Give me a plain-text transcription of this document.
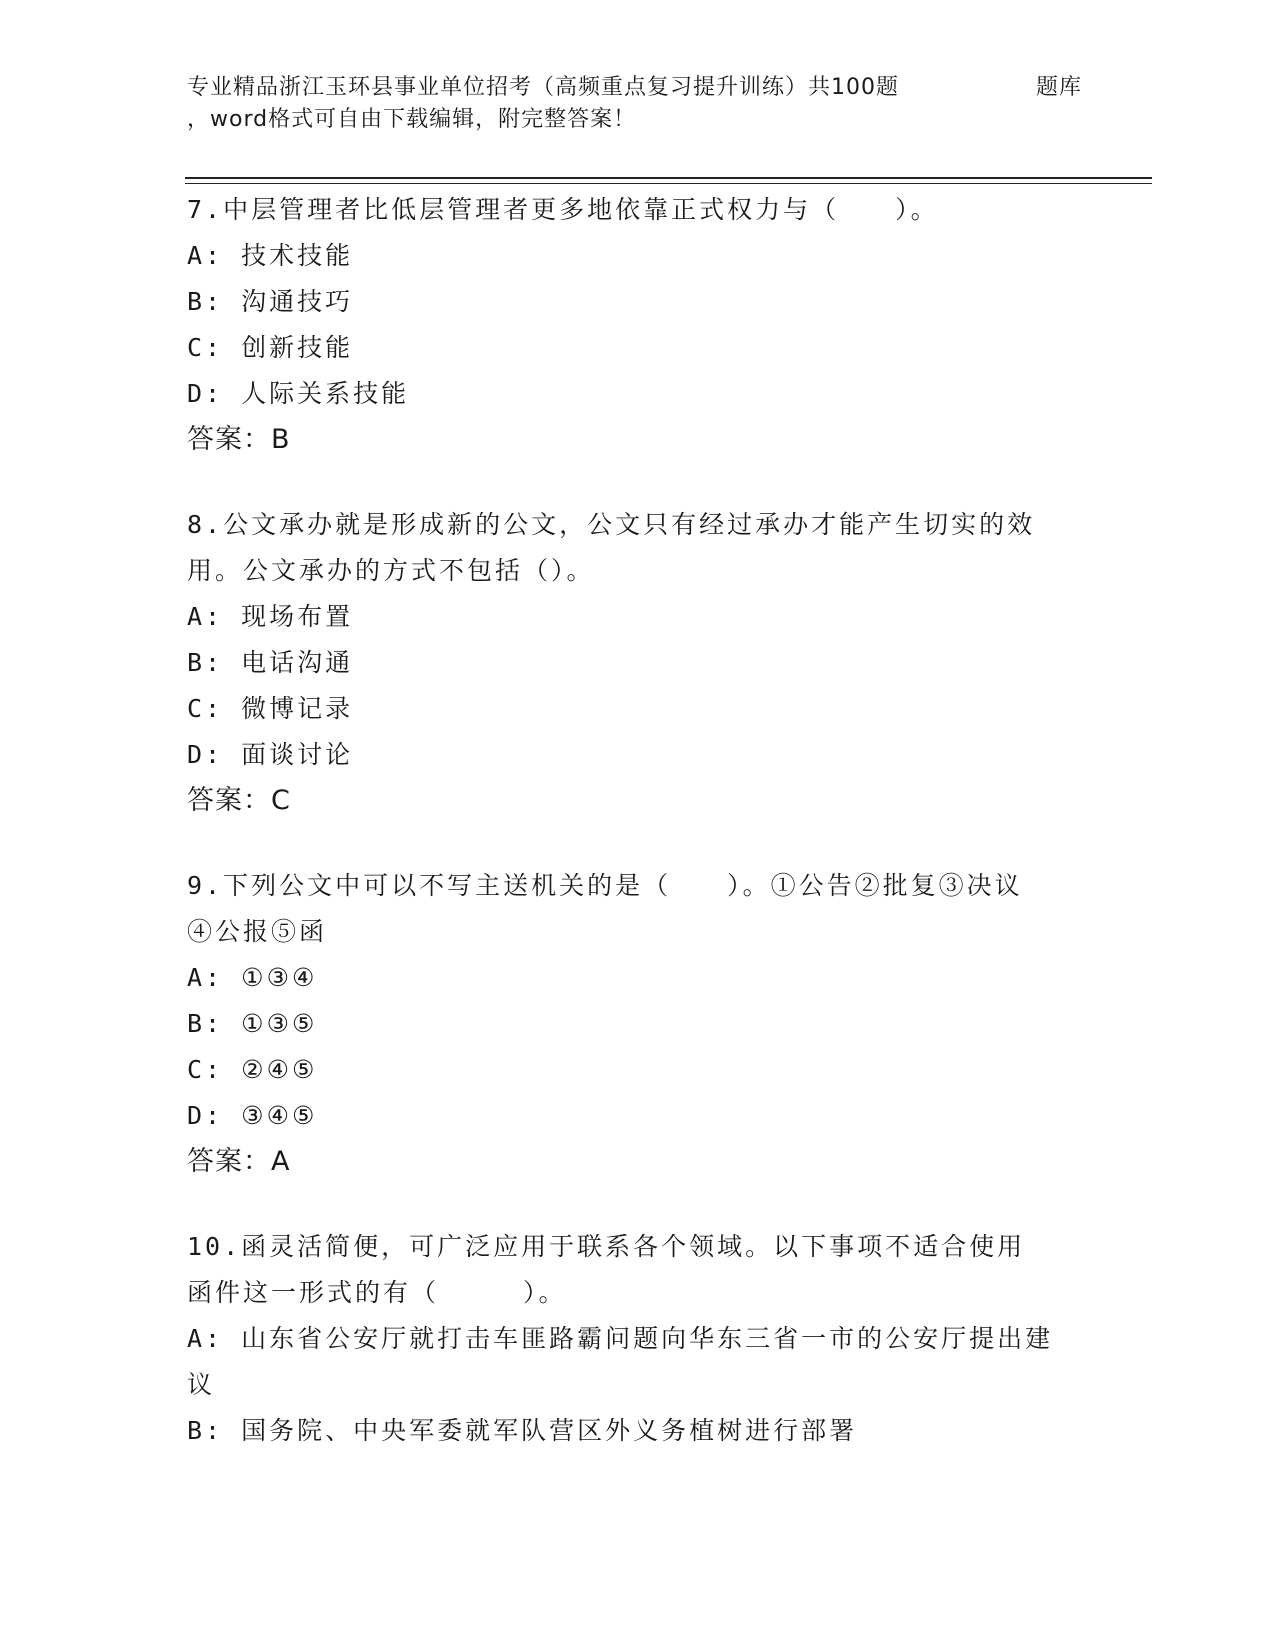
专业精品浙江玉环县事业单位招考（高频重点复习提升训练）共100题	题库
，word格式可自由下载编辑，附完整答案！

7.中层管理者比低层管理者更多地依靠正式权力与（　　）。

A: 技术技能

B: 沟通技巧

C: 创新技能

D: 人际关系技能

答案：B

8.公文承办就是形成新的公文，公文只有经过承办才能产生切实的效用。公文承办的方式不包括（）。

A: 现场布置

B: 电话沟通

C: 微博记录

D: 面谈讨论

答案：C

9.下列公文中可以不写主送机关的是（　　）。①公告②批复③决议④公报⑤函

A: ①③④

B: ①③⑤

C: ②④⑤

D: ③④⑤

答案：A

10.函灵活简便，可广泛应用于联系各个领域。以下事项不适合使用函件这一形式的有（　　　）。

A: 山东省公安厅就打击车匪路霸问题向华东三省一市的公安厅提出建议

B: 国务院、中央军委就军队营区外义务植树进行部署
